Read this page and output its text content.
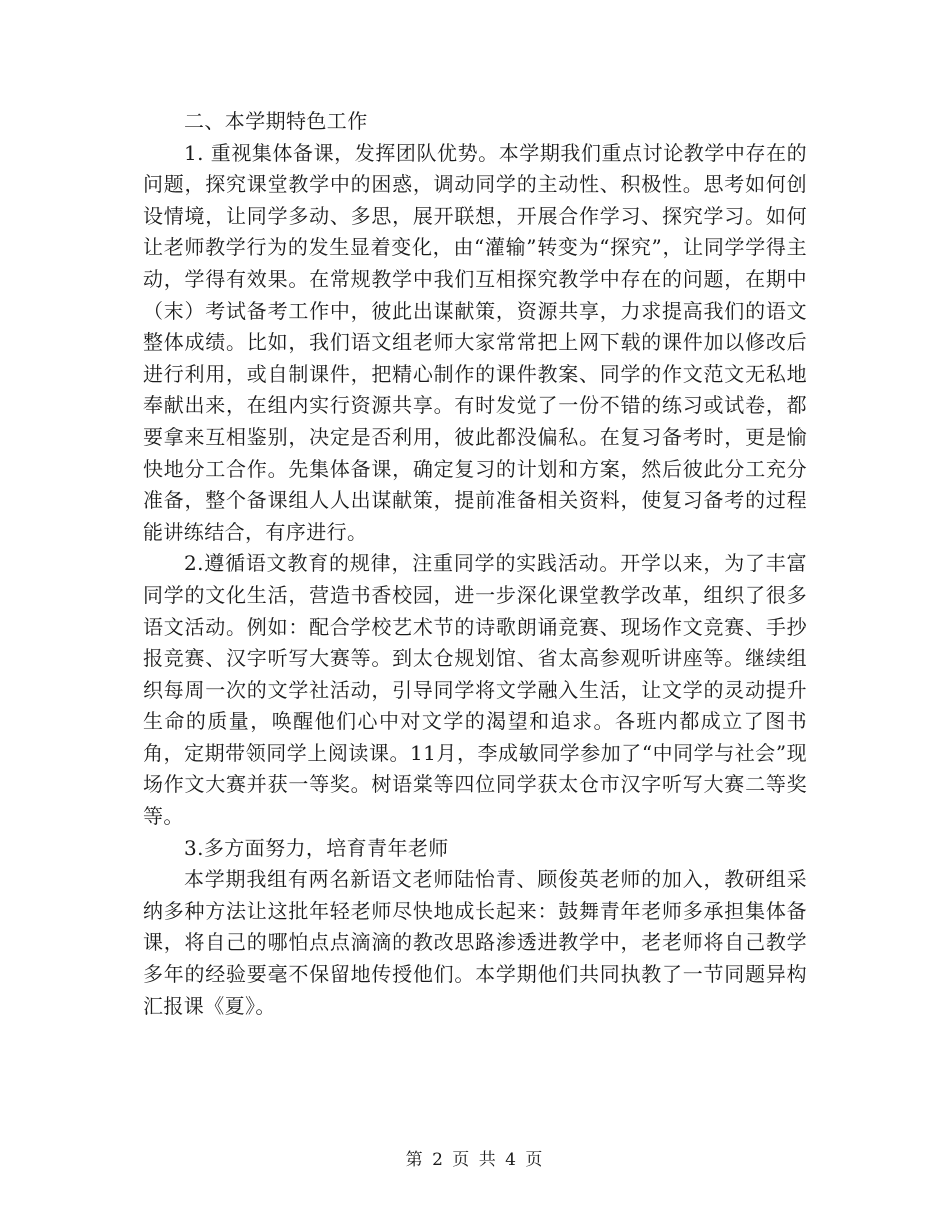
二、本学期特色工作

1. 重视集体备课，发挥团队优势。本学期我们重点讨论教学中存在的问题，探究课堂教学中的困惑，调动同学的主动性、积极性。思考如何创设情境，让同学多动、多思，展开联想，开展合作学习、探究学习。如何让老师教学行为的发生显着变化，由“灌输”转变为“探究”，让同学学得主动，学得有效果。在常规教学中我们互相探究教学中存在的问题，在期中（末）考试备考工作中，彼此出谋献策，资源共享，力求提高我们的语文整体成绩。比如，我们语文组老师大家常常把上网下载的课件加以修改后进行利用，或自制课件，把精心制作的课件教案、同学的作文范文无私地奉献出来，在组内实行资源共享。有时发觉了一份不错的练习或试卷，都要拿来互相鉴别，决定是否利用，彼此都没偏私。在复习备考时，更是愉快地分工合作。先集体备课，确定复习的计划和方案，然后彼此分工充分准备，整个备课组人人出谋献策，提前准备相关资料，使复习备考的过程能讲练结合，有序进行。

2.遵循语文教育的规律，注重同学的实践活动。开学以来，为了丰富同学的文化生活，营造书香校园，进一步深化课堂教学改革，组织了很多语文活动。例如：配合学校艺术节的诗歌朗诵竞赛、现场作文竞赛、手抄报竞赛、汉字听写大赛等。到太仓规划馆、省太高参观听讲座等。继续组织每周一次的文学社活动，引导同学将文学融入生活，让文学的灵动提升生命的质量，唤醒他们心中对文学的渴望和追求。各班内都成立了图书角，定期带领同学上阅读课。11月，李成敏同学参加了“中同学与社会”现场作文大赛并获一等奖。树语棠等四位同学获太仓市汉字听写大赛二等奖等。

3.多方面努力，培育青年老师

本学期我组有两名新语文老师陆怡青、顾俊英老师的加入，教研组采纳多种方法让这批年轻老师尽快地成长起来：鼓舞青年老师多承担集体备课，将自己的哪怕点点滴滴的教改思路渗透进教学中，老老师将自己教学多年的经验要毫不保留地传授他们。本学期他们共同执教了一节同题异构汇报课《夏》。

第 2 页 共 4 页
